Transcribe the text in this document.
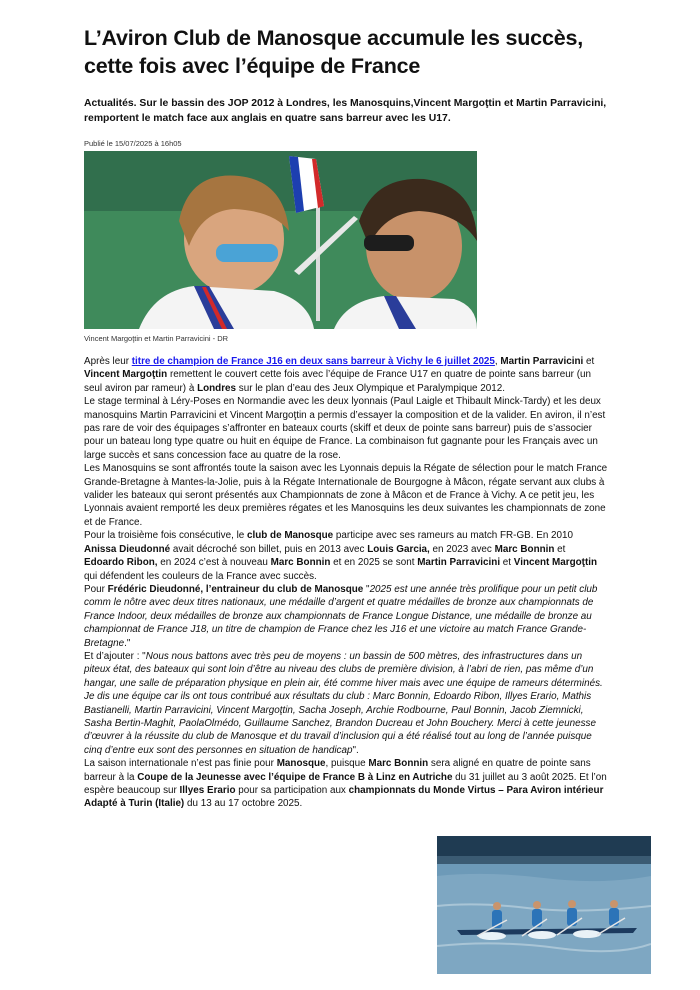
L’Aviron Club de Manosque accumule les succès, cette fois avec l’équipe de France
Actualités. Sur le bassin des JOP 2012 à Londres, les Manosquins,Vincent Margoţtin et Martin Parravicini, remportent le match face aux anglais en quatre sans barreur avec les U17.
Publié le 15/07/2025 à 16h05
Vincent Margoţtin et Martin Parravicini - DR

Après leur titre de champion de France J16 en deux sans barreur à Vichy le 6 juillet 2025, Martin Parravicini et Vincent Margoţtin remettent le couvert cette fois avec l’équipe de France U17 en quatre de pointe sans barreur (un seul aviron par rameur) à Londres sur le plan d’eau des Jeux Olympique et Paralympique 2012.

Le stage terminal à Léry-Poses en Normandie avec les deux lyonnais (Paul Laigle et Thibault Minck-Tardy) et les deux manosquins Martin Parravicini et Vincent Margoţtin a permis d’essayer la composition et de la valider. En aviron, il n’est pas rare de voir des équipages s’affronter en bateaux courts (skiff et deux de pointe sans barreur) puis de s’associer pour un bateau long type quatre ou huit en équipe de France. La combinaison fut gagnante pour les Français avec un large succès et sans concession face au quatre de la rose.

Les Manosquins se sont affrontés toute la saison avec les Lyonnais depuis la Régate de sélection pour le match France Grande-Bretagne à Mantes-la-Jolie, puis à la Régate Internationale de Bourgogne à Mâcon, régate servant aux clubs à valider les bateaux qui seront présentés aux Championnats de zone à Mâcon et de France à Vichy. A ce petit jeu, les Lyonnais avaient remporté les deux premières régates et les Manosquins les deux suivantes les championnats de zone et de France.

Pour la troisième fois consécutive, le club de Manosque participe avec ses rameurs au match FR-GB. En 2010 Anissa Dieudonné avait décroché son billet, puis en 2013 avec Louis Garcia, en 2023 avec Marc Bonnin et Edoardo Ribon, en 2024 c’est à nouveau Marc Bonnin et en 2025 se sont Martin Parravicini et Vincent Margoţtin qui défendent les couleurs de la France avec succès.

Pour Frédéric Dieudonné, l’entraineur du club de Manosque "2025 est une année très prolifique pour un petit club comm le nôtre avec deux titres nationaux, une médaille d’argent et quatre médailles de bronze aux championnats de France Indoor, deux médailles de bronze aux championnats de France Longue Distance, une médaille de bronze au championnat de France J18, un titre de champion de France chez les J16 et une victoire au match France Grande-Bretagne."

Et d’ajouter : "Nous nous battons avec très peu de moyens : un bassin de 500 mètres, des infrastructures dans un piteux état, des bateaux qui sont loin d’être au niveau des clubs de première division, à l’abri de rien, pas même d’un hangar, une salle de préparation physique en plein air, été comme hiver mais avec une équipe de rameurs déterminés. Je dis une équipe car ils ont tous contribué aux résultats du club : Marc Bonnin, Edoardo Ribon, Illyes Erario, Mathis Bastianelli, Martin Parravicini, Vincent Margoţtin, Sacha Joseph, Archie Rodbourne, Paul Bonnin, Jacob Ziemnicki, Sasha Bertin-Maghit, PaolaOlmédo, Guillaume Sanchez, Brandon Ducreau et John Bouchery. Merci à cette jeunesse d’œuvrer à la réussite du club de Manosque et du travail d’inclusion qui a été réalisé tout au long de l’année puisque cinq d’entre eux sont des personnes en situation de handicap".

La saison internationale n’est pas finie pour Manosque, puisque Marc Bonnin sera aligné en quatre de pointe sans barreur à la Coupe de la Jeunesse avec l’équipe de France B à Linz en Autriche du 31 juillet au 3 août 2025. Et l’on espère beaucoup sur Illyes Erario pour sa participation aux championnats du Monde Virtus – Para Aviron intérieur Adapté à Turin (Italie) du 13 au 17 octobre 2025.
